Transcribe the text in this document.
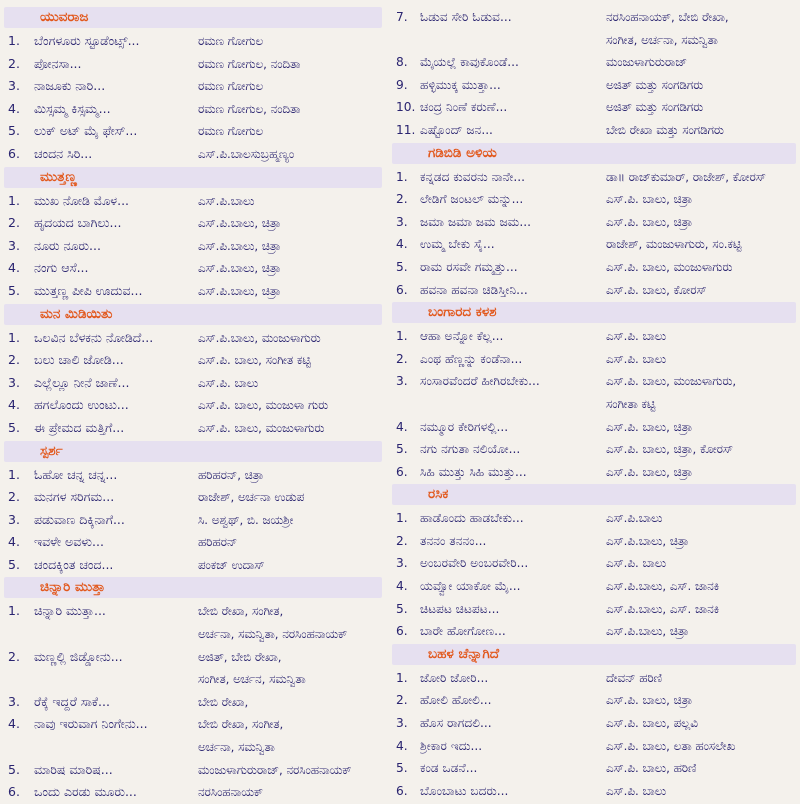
ಯುವರಾಜ
1.	ಬೆಂಗಳೂರು ಸ್ಟೂಡೆಂಟ್ಸ್...	ರಮಣ ಗೋಗುಲ
2.	ಪೋನಸಾ...	ರಮಣ ಗೋಗುಲ, ನಂದಿತಾ
3.	ನಾಜೂಕು ನಾರಿ...	ರಮಣ ಗೋಗುಲ
4.	ಮಿಸ್ಸಮ್ಮ ಕಿಸ್ಸಮ್ಮ...	ರಮಣ ಗೋಗುಲ, ನಂದಿತಾ
5.	ಲುಕ್ ಅಟ್ ಮೈ ಫೇಸ್...	ರಮಣ ಗೋಗುಲ
6.	ಚಂದನ ಸಿರಿ...	ಎಸ್.ಪಿ.ಬಾಲಸುಬ್ರಹ್ಮಣ್ಯಂ
ಮುತ್ತಣ್ಣ
1.	ಮುಖ ನೋಡಿ ಮೊಳ...	ಎಸ್.ಪಿ.ಬಾಲು
2.	ಹೃದಯದ ಬಾಗಿಲು...	ಎಸ್.ಪಿ.ಬಾಲು, ಚಿತ್ರಾ
3.	ನೂರು ನೂರು...	ಎಸ್.ಪಿ.ಬಾಲು, ಚಿತ್ರಾ
4.	ನಂಗು ಆಸೆ...	ಎಸ್.ಪಿ.ಬಾಲು, ಚಿತ್ರಾ
5.	ಮುತ್ತಣ್ಣ ಪೀಪಿ ಊದುವ...	ಎಸ್.ಪಿ.ಬಾಲು, ಚಿತ್ರಾ
ಮನ ಮಿಡಿಯಿತು
1.	ಒಲವಿನ ಬೆಳಕನು ನೋಡಿದೆ...	ಎಸ್.ಪಿ.ಬಾಲು, ಮಂಜುಳಾಗುರು
2.	ಬಲು ಚಾಲಿ ಜೋಡಿ...	ಎಸ್.ಪಿ. ಬಾಲು, ಸಂಗೀತ ಕಟ್ಟಿ
3.	ಎಲ್ಲೆಲ್ಲೂ ನೀನೆ ಜಾಣೆ...	ಎಸ್.ಪಿ. ಬಾಲು
4.	ಹಗಲೊಂದು ಉಂಟು...	ಎಸ್.ಪಿ. ಬಾಲು, ಮಂಜುಳಾ ಗುರು
5.	ಈ ಪ್ರೇಮದ ಮತ್ತಿಗೆ...	ಎಸ್.ಪಿ. ಬಾಲು, ಮಂಜುಳಾಗುರು
ಸ್ಪರ್ಶ
1.	ಓಹೋ ಚನ್ನ ಚನ್ನ...	ಹರಿಹರನ್, ಚಿತ್ರಾ
2.	ಮನಗಳ ಸರಿಗಮ...	ರಾಜೇಶ್, ಅರ್ಚನಾ ಉಡುಪ
3.	ಪಡುವಾಣ ದಿಕ್ಕಿನಾಗೆ...	ಸಿ. ಅಶ್ವಥ್, ಬಿ. ಜಯಶ್ರೀ
4.	ಇವಳೇ ಅವಳು...	ಹರಿಹರನ್
5.	ಚಂದಕ್ಕಿಂತ ಚಂದ...	ಪಂಕಜ್ ಉದಾಸ್
ಚಿನ್ನಾರಿ ಮುತ್ತಾ
1.	ಚಿನ್ನಾರಿ ಮುತ್ತಾ...	ಬೇಬಿ ರೇಖಾ, ಸಂಗೀತ,
ಅರ್ಚನಾ, ಸಮನ್ವಿತಾ, ನರಸಿಂಹನಾಯಕ್
2.	ಮಣ್ಣಲ್ಲಿ ಜಿಡ್ಡೋನು...	ಅಜಿತ್, ಬೇಬಿ ರೇಖಾ,
ಸಂಗೀತ, ಅರ್ಚನ, ಸಮನ್ವಿತಾ
3.	ರೆಕ್ಕೆ ಇದ್ದರೆ ಸಾಕೆ...	ಬೇಬಿ ರೇಖಾ,
4.	ನಾವು ಇರುವಾಗ ನಿಂಗೇನು...	ಬೇಬಿ ರೇಖಾ, ಸಂಗೀತ,
ಅರ್ಚನಾ, ಸಮನ್ವಿತಾ
5.	ಮಾರಿಷ ಮಾರಿಷ...	ಮಂಜುಳಾಗುರುರಾಜ್, ನರಸಿಂಹನಾಯಕ್
6.	ಒಂದು ಎರಡು ಮೂರು...	ನರಸಿಂಹನಾಯಕ್
7.	ಓಡುವ ಸೇರಿ ಓಡುವ...	ನರಸಿಂಹನಾಯಕ್, ಬೇಬಿ ರೇಖಾ,
ಸಂಗೀತ, ಅರ್ಚನಾ, ಸಮನ್ವಿತಾ
8.	ಮೈಯಲ್ಲೆ ಕಾವುಕೊಂಡೆ...	ಮಂಜುಳಾಗುರುರಾಜ್
9.	ಹಳ್ಳಿಮುಕ್ಕ ಮುತ್ತಾ...	ಅಜಿತ್ ಮತ್ತು ಸಂಗಡಿಗರು
10. ಚಂದ್ರ ನಿಂಣೆ ಕರುಣೆ...	ಅಜಿತ್ ಮತ್ತು ಸಂಗಡಿಗರು
11. ಎಷ್ಟೊಂದ್ ಜನ...	ಬೇಬಿ ರೇಖಾ ಮತ್ತು ಸಂಗಡಿಗರು
ಗಡಿಬಿಡಿ ಅಳಿಯ
1.	ಕನ್ನಡದ ಕುವರನು ನಾನೇ...	ಡಾ॥ ರಾಜ್‌ಕುಮಾರ್, ರಾಜೇಶ್, ಕೋರಸ್
2.	ಲೇಡಿಗೆ ಜಂಟಲ್ ಮನ್ನು...	ಎಸ್.ಪಿ. ಬಾಲು, ಚಿತ್ರಾ
3.	ಜಮಾ ಜಮಾ ಜಮ ಜಮ...	ಎಸ್.ಪಿ. ಬಾಲು, ಚಿತ್ರಾ
4.	ಉಮ್ಮ ಬೇಕು ಸೈ...	ರಾಜೇಶ್, ಮಂಜುಳಾಗುರು, ಸಂ.ಕಟ್ಟಿ
5.	ರಾಮ ರಸವೇ ಗಮ್ಮತ್ತು...	ಎಸ್.ಪಿ. ಬಾಲು, ಮಂಜುಳಾಗುರು
6.	ಹವನಾ ಹವನಾ ಚಿಡಿಸ್ತೀನಿ...	ಎಸ್.ಪಿ. ಬಾಲು, ಕೋರಸ್
ಬಂಗಾರದ ಕಳಶ
1.	ಆಹಾ ಅನ್ನೋ ಕೆಲ್ಲ...	ಎಸ್.ಪಿ. ಬಾಲು
2.	ಎಂಥ ಹೆಣ್ಣನ್ನು ಕಂಡೆನಾ...	ಎಸ್.ಪಿ. ಬಾಲು
3.	ಸಂಸಾರವೆಂದರೆ ಹೀಗಿರಬೇಕು...	ಎಸ್.ಪಿ. ಬಾಲು, ಮಂಜುಳಾಗುರು,
ಸಂಗೀತಾ ಕಟ್ಟಿ
4.	ನಮ್ಮೂರ ಕೇರಿಗಳಲ್ಲಿ...	ಎಸ್.ಪಿ. ಬಾಲು, ಚಿತ್ರಾ
5.	ನಗು ನಗುತಾ ನಲಿಯೋ...	ಎಸ್.ಪಿ. ಬಾಲು, ಚಿತ್ರಾ, ಕೋರಸ್
6.	ಸಿಹಿ ಮುತ್ತು ಸಿಹಿ ಮುತ್ತು...	ಎಸ್.ಪಿ. ಬಾಲು, ಚಿತ್ರಾ
ರಸಿಕ
1.	ಹಾಡೊಂದು ಹಾಡಬೇಕು...	ಎಸ್.ಪಿ.ಬಾಲು
2.	ತನನಂ ತನನಂ...	ಎಸ್.ಪಿ.ಬಾಲು, ಚಿತ್ರಾ
3.	ಅಂಬರವೇರಿ ಅಂಬರವೇರಿ...	ಎಸ್.ಪಿ. ಬಾಲು
4.	ಯವ್ವೋ ಯಾಕೋ ಮೈ...	ಎಸ್.ಪಿ.ಬಾಲು, ಎಸ್. ಜಾನಕಿ
5.	ಚಿಟಪಟ ಚಿಟಪಟ...	ಎಸ್.ಪಿ.ಬಾಲು, ಎಸ್. ಜಾನಕಿ
6.	ಬಾರೇ ಹೋಗೋಣ...	ಎಸ್.ಪಿ.ಬಾಲು, ಚಿತ್ರಾ
ಬಹಳ ಚೆನ್ನಾಗಿದೆ
1.	ಜೋರಿ ಜೋರಿ...	ದೇವನ್ ಹರಿಣಿ
2.	ಹೋಲಿ ಹೋಲಿ...	ಎಸ್.ಪಿ. ಬಾಲು, ಚಿತ್ರಾ
3.	ಹೊಸ ರಾಗದಲಿ...	ಎಸ್.ಪಿ. ಬಾಲು, ಪಲ್ಲವಿ
4.	ಶ್ರೀಕಾರ ಇದು...	ಎಸ್.ಪಿ. ಬಾಲು, ಲತಾ ಹಂಸಲೇಖ
5.	ಕಂಡ ಒಡನೆ...	ಎಸ್.ಪಿ. ಬಾಲು, ಹರಿಣಿ
6.	ಬೊಂಬಾಟು ಬದರು...	ಎಸ್.ಪಿ. ಬಾಲು
